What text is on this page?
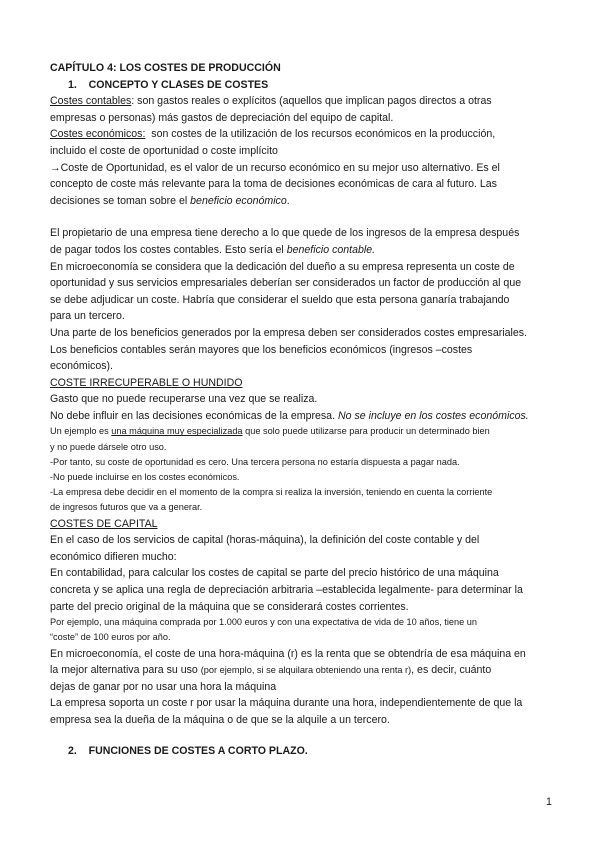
CAPÍTULO 4: LOS COSTES DE PRODUCCIÓN

1. CONCEPTO Y CLASES DE COSTES

Costes contables: son gastos reales o explícitos (aquellos que implican pagos directos a otras

empresas o personas) más gastos de depreciación del equipo de capital.

Costes económicos:  son costes de la utilización de los recursos económicos en la producción,

incluido el coste de oportunidad o coste implícito

→Coste de Oportunidad, es el valor de un recurso económico en su mejor uso alternativo. Es el

concepto de coste más relevante para la toma de decisiones económicas de cara al futuro. Las

decisiones se toman sobre el beneficio económico.

El propietario de una empresa tiene derecho a lo que quede de los ingresos de la empresa después

de pagar todos los costes contables. Esto sería el beneficio contable.

En microeconomía se considera que la dedicación del dueño a su empresa representa un coste de

oportunidad y sus servicios empresariales deberían ser considerados un factor de producción al que

se debe adjudicar un coste. Habría que considerar el sueldo que esta persona ganaría trabajando

para un tercero.

Una parte de los beneficios generados por la empresa deben ser considerados costes empresariales.

Los beneficios contables serán mayores que los beneficios económicos (ingresos –costes

económicos).

COSTE IRRECUPERABLE O HUNDIDO

Gasto que no puede recuperarse una vez que se realiza.

No debe influir en las decisiones económicas de la empresa. No se incluye en los costes económicos.

Un ejemplo es una máquina muy especializada que solo puede utilizarse para producir un determinado bien

y no puede dársele otro uso.

-Por tanto, su coste de oportunidad es cero. Una tercera persona no estaría dispuesta a pagar nada.

-No puede incluirse en los costes económicos.

-La empresa debe decidir en el momento de la compra si realiza la inversión, teniendo en cuenta la corriente

de ingresos futuros que va a generar.

COSTES DE CAPITAL

En el caso de los servicios de capital (horas-máquina), la definición del coste contable y del

económico difieren mucho:

En contabilidad, para calcular los costes de capital se parte del precio histórico de una máquina

concreta y se aplica una regla de depreciación arbitraria –establecida legalmente- para determinar la

parte del precio original de la máquina que se considerará costes corrientes.

Por ejemplo, una máquina comprada por 1.000 euros y con una expectativa de vida de 10 años, tiene un

“coste” de 100 euros por año.

En microeconomía, el coste de una hora-máquina (r) es la renta que se obtendría de esa máquina en

la mejor alternativa para su uso (por ejemplo, si se alquilara obteniendo una renta r), es decir, cuánto

dejas de ganar por no usar una hora la máquina

La empresa soporta un coste r por usar la máquina durante una hora, independientemente de que la

empresa sea la dueña de la máquina o de que se la alquile a un tercero.

2. FUNCIONES DE COSTES A CORTO PLAZO.

1
